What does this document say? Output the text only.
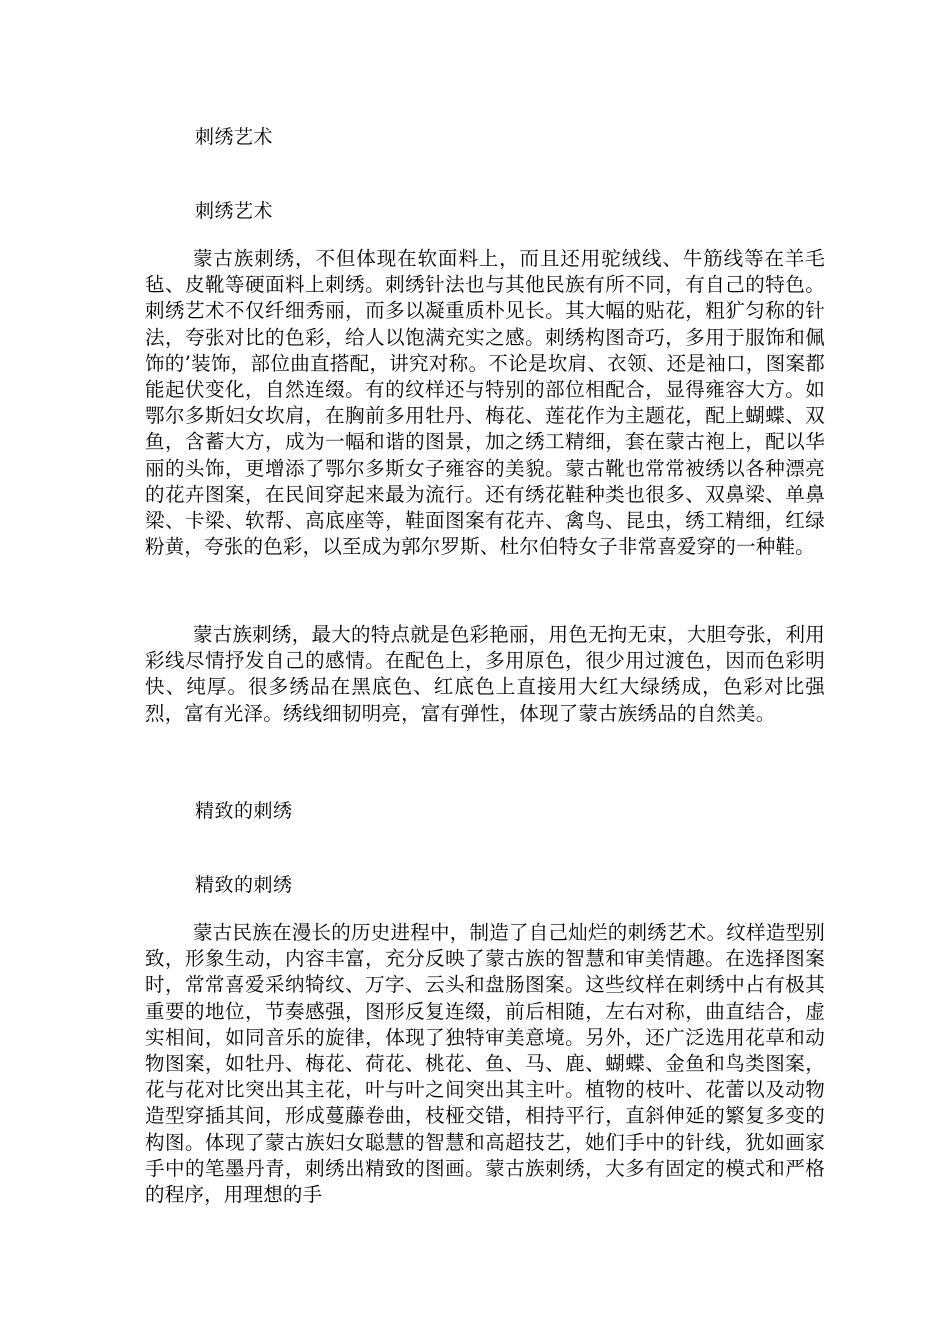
刺绣艺术
刺绣艺术

蒙古族刺绣，不但体现在软面料上，而且还用驼绒线、牛筋线等在羊毛毡、皮靴等硬面料上刺绣。刺绣针法也与其他民族有所不同，有自己的特色。刺绣艺术不仅纤细秀丽，而多以凝重质朴见长。其大幅的贴花，粗犷匀称的针法，夸张对比的色彩，给人以饱满充实之感。刺绣构图奇巧，多用于服饰和佩饰的’装饰，部位曲直搭配，讲究对称。不论是坎肩、衣领、还是袖口，图案都能起伏变化，自然连缀。有的纹样还与特别的部位相配合，显得雍容大方。如鄂尔多斯妇女坎肩，在胸前多用牡丹、梅花、莲花作为主题花，配上蝴蝶、双鱼，含蓄大方，成为一幅和谐的图景，加之绣工精细，套在蒙古袍上，配以华丽的头饰，更增添了鄂尔多斯女子雍容的美貌。蒙古靴也常常被绣以各种漂亮的花卉图案，在民间穿起来最为流行。还有绣花鞋种类也很多、双鼻梁、单鼻梁、卡梁、软帮、高底座等，鞋面图案有花卉、禽鸟、昆虫，绣工精细，红绿粉黄，夸张的色彩，以至成为郭尔罗斯、杜尔伯特女子非常喜爱穿的一种鞋。

蒙古族刺绣，最大的特点就是色彩艳丽，用色无拘无束，大胆夸张，利用彩线尽情抒发自己的感情。在配色上，多用原色，很少用过渡色，因而色彩明快、纯厚。很多绣品在黑底色、红底色上直接用大红大绿绣成，色彩对比强烈，富有光泽。绣线细韧明亮，富有弹性，体现了蒙古族绣品的自然美。

精致的刺绣
精致的刺绣

蒙古民族在漫长的历史进程中，制造了自己灿烂的刺绣艺术。纹样造型别致，形象生动，内容丰富，充分反映了蒙古族的智慧和审美情趣。在选择图案时，常常喜爱采纳犄纹、万字、云头和盘肠图案。这些纹样在刺绣中占有极其重要的地位，节奏感强，图形反复连缀，前后相随，左右对称，曲直结合，虚实相间，如同音乐的旋律，体现了独特审美意境。另外，还广泛选用花草和动物图案，如牡丹、梅花、荷花、桃花、鱼、马、鹿、蝴蝶、金鱼和鸟类图案，花与花对比突出其主花，叶与叶之间突出其主叶。植物的枝叶、花蕾以及动物造型穿插其间，形成蔓藤卷曲，枝桠交错，相持平行，直斜伸延的繁复多变的构图。体现了蒙古族妇女聪慧的智慧和高超技艺，她们手中的针线，犹如画家手中的笔墨丹青，刺绣出精致的图画。蒙古族刺绣，大多有固定的模式和严格的程序，用理想的手
